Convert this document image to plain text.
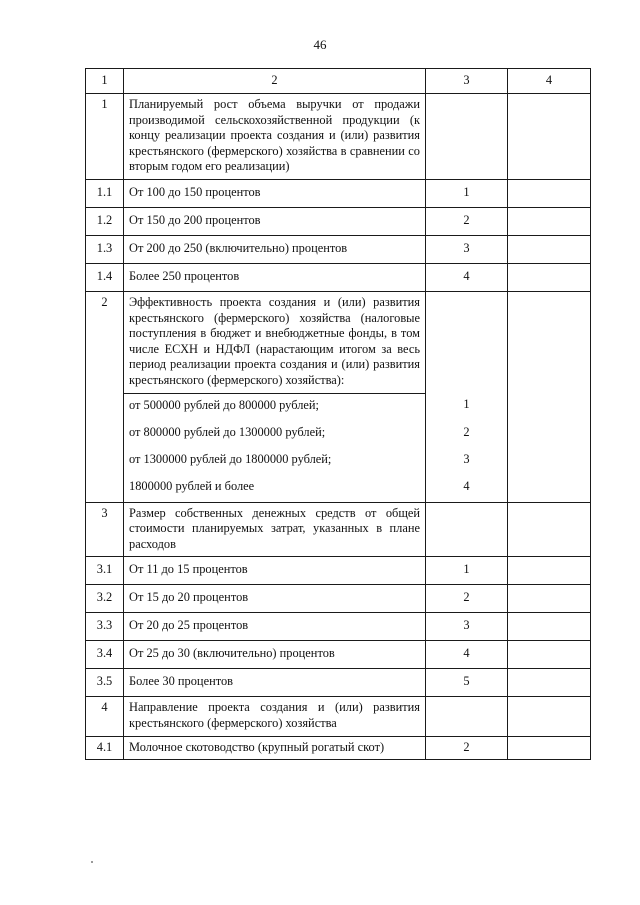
46
1	2	3	4
1	Планируемый рост объема выручки от продажи производимой сельскохозяйственной продукции (к концу реализации проекта создания и (или) развития крестьянского (фермерского) хозяйства в сравнении со вторым годом его реализации)		
1.1	От 100 до 150 процентов	1	
1.2	От 150 до 200 процентов	2	
1.3	От 200 до 250 (включительно) процентов	3	
1.4	Более 250 процентов	4	
2	Эффективность проекта создания и (или) развития крестьянского (фермерского) хозяйства (налоговые поступления в бюджет и внебюджетные фонды, в том числе ЕСХН и НДФЛ (нарастающим итогом за весь период реализации проекта создания и (или) развития крестьянского (фермерского) хозяйства):		
	от 500000 рублей до 800000 рублей;	1	
	от 800000 рублей до 1300000 рублей;	2	
	от 1300000 рублей до 1800000 рублей;	3	
	1800000 рублей и более	4	
3	Размер собственных денежных средств от общей стоимости планируемых затрат, указанных в плане расходов		
3.1	От 11 до 15 процентов	1	
3.2	От 15 до 20 процентов	2	
3.3	От 20 до 25 процентов	3	
3.4	От 25 до 30 (включительно) процентов	4	
3.5	Более 30 процентов	5	
4	Направление проекта создания и (или) развития крестьянского (фермерского) хозяйства		
4.1	Молочное скотоводство (крупный рогатый скот)	2	
